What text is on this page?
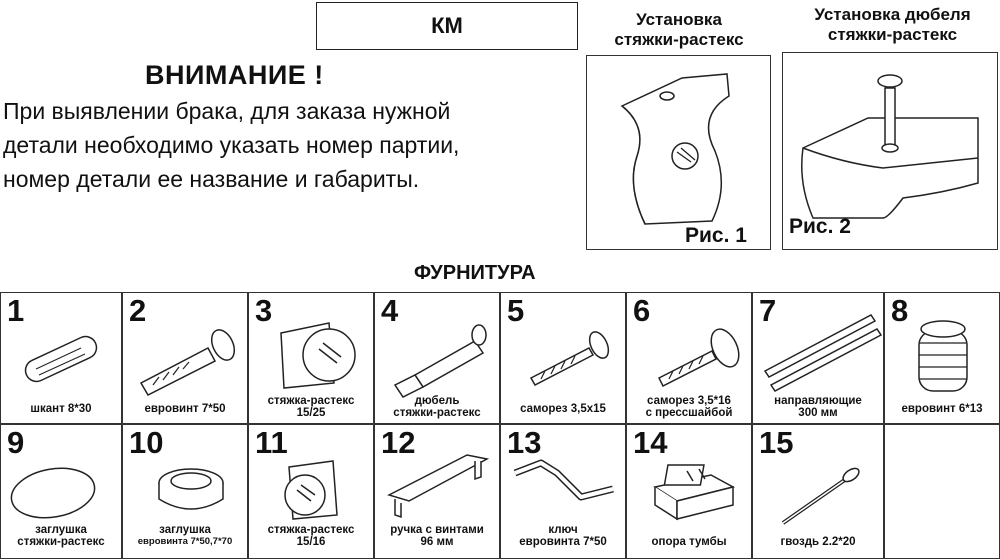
КМ
ВНИМАНИЕ !
При выявлении брака, для заказа нужной
детали необходимо указать номер партии,
номер детали ее название и габариты.
Установка
стяжки-растекс
Рис. 1
Установка дюбеля
стяжки-растекс
Рис. 2
ФУРНИТУРА
1
шкант 8*30
2
евровинт 7*50
3
стяжка-растекс
15/25
4
дюбель
стяжки-растекс
5
саморез 3,5х15
6
саморез 3,5*16
с прессшайбой
7
направляющие
300 мм
8
евровинт 6*13
9
заглушка
стяжки-растекс
10
заглушка
евровинта 7*50,7*70
11
стяжка-растекс
15/16
12
ручка с винтами
96 мм
13
ключ
евровинта 7*50
14
опора тумбы
15
гвоздь 2.2*20
